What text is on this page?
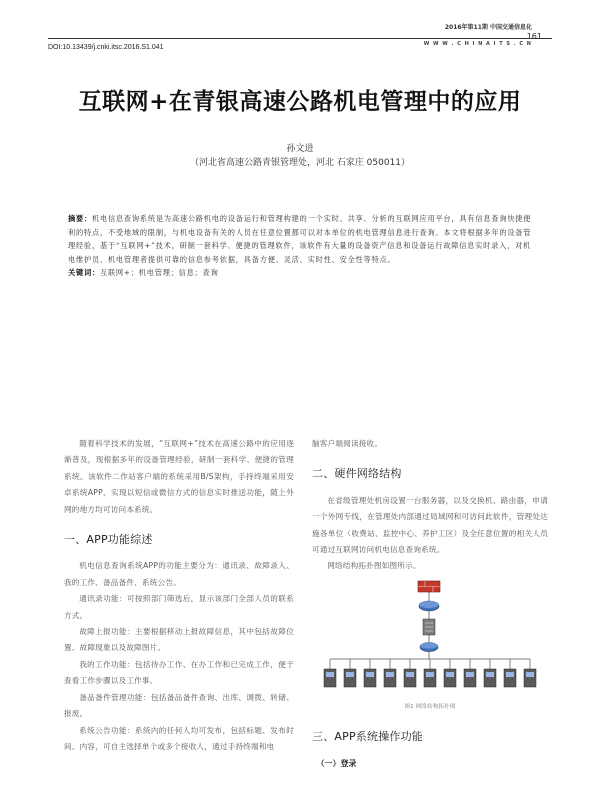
2016年第11期 中国交通信息化
161
W W W . C H I N A I T S . C N
DOI:10.13439/j.cnki.itsc.2016.S1.041
互联网+在青银高速公路机电管理中的应用
孙文进
（河北省高速公路青银管理处，河北 石家庄 050011）
摘要：机电信息查询系统是为高速公路机电的设备运行和管理构建的一个实时、共享、分析的互联网应用平台，具有信息查询快捷便利的特点，不受地域的限制，与机电设备有关的人员在任意位置都可以对本单位的机电管理信息进行查询。本文将根据多年的设备管理经验，基于“互联网+”技术，研制一套科学、便捷的管理软件，该软件有大量的设备资产信息和设备运行故障信息实时录入，对机电维护员、机电管理者提供可靠的信息参考依据，具备方便、灵活、实时性、安全性等特点。
关键词：互联网+；机电管理；信息；查询

随着科学技术的发展，“互联网+”技术在高速公路中的应用逐渐普及，现根据多年的设备管理经验，研制一套科学、便捷的管理系统。该软件二作站客户端的系统采用B/S架构，手持终端采用安卓系统APP，实现以短信或微信方式的信息实时推送功能，随上外网的地方均可访问本系统。

一、APP功能综述

机电信息查询系统APP的功能主要分为：通讯录、故障录入、我的工作、备品备件、系统公告。

通讯录功能：可按照部门筛选后，显示该部门全部人员的联系方式。

故障上报功能：主要根据移动上报故障信息，其中包括故障位置、故障现象以及故障图片。

我的工作功能：包括待办工作、在办工作和已完成工作，便于查看工作步骤以及工作事。

备品备件管理功能：包括备品备件查询、出库、调拨、转储、报废。

系统公告功能：系统内的任何人均可发布，包括标题、发布时间、内容，可自主选择单个或多个接收人，通过手持终端和电

脑客户端阅读接收。

二、硬件网络结构

在省级管理处机房设置一台服务器，以及交换机、路由器，申请一个外网专线，在管理处内部通过局域网和可访问此软件，管理处达施各单位（收费站、监控中心、养护工区）及全任意位置的相关人员可通过互联网访问机电信息查询系统。

网络结构拓扑图如图所示。

图1 网络结构拓扑图
三、APP系统操作功能
（一）登录
